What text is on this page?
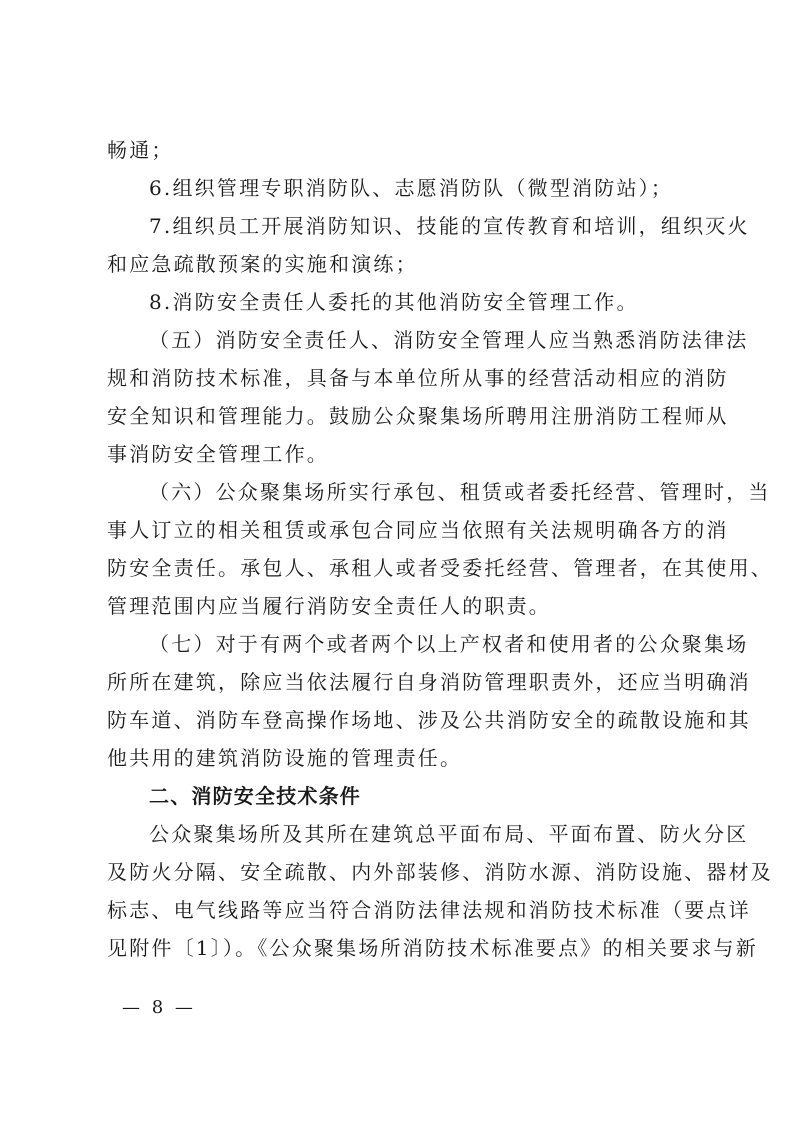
畅通；
6.组织管理专职消防队、志愿消防队（微型消防站）；
7.组织员工开展消防知识、技能的宣传教育和培训，组织灭火
和应急疏散预案的实施和演练；
8.消防安全责任人委托的其他消防安全管理工作。
（五）消防安全责任人、消防安全管理人应当熟悉消防法律法
规和消防技术标准，具备与本单位所从事的经营活动相应的消防
安全知识和管理能力。鼓励公众聚集场所聘用注册消防工程师从
事消防安全管理工作。
（六）公众聚集场所实行承包、租赁或者委托经营、管理时，当
事人订立的相关租赁或承包合同应当依照有关法规明确各方的消
防安全责任。承包人、承租人或者受委托经营、管理者，在其使用、
管理范围内应当履行消防安全责任人的职责。
（七）对于有两个或者两个以上产权者和使用者的公众聚集场
所所在建筑，除应当依法履行自身消防管理职责外，还应当明确消
防车道、消防车登高操作场地、涉及公共消防安全的疏散设施和其
他共用的建筑消防设施的管理责任。
二、消防安全技术条件
公众聚集场所及其所在建筑总平面布局、平面布置、防火分区
及防火分隔、安全疏散、内外部装修、消防水源、消防设施、器材及
标志、电气线路等应当符合消防法律法规和消防技术标准（要点详
见附件〔1〕）。《公众聚集场所消防技术标准要点》的相关要求与新
— 8 —
